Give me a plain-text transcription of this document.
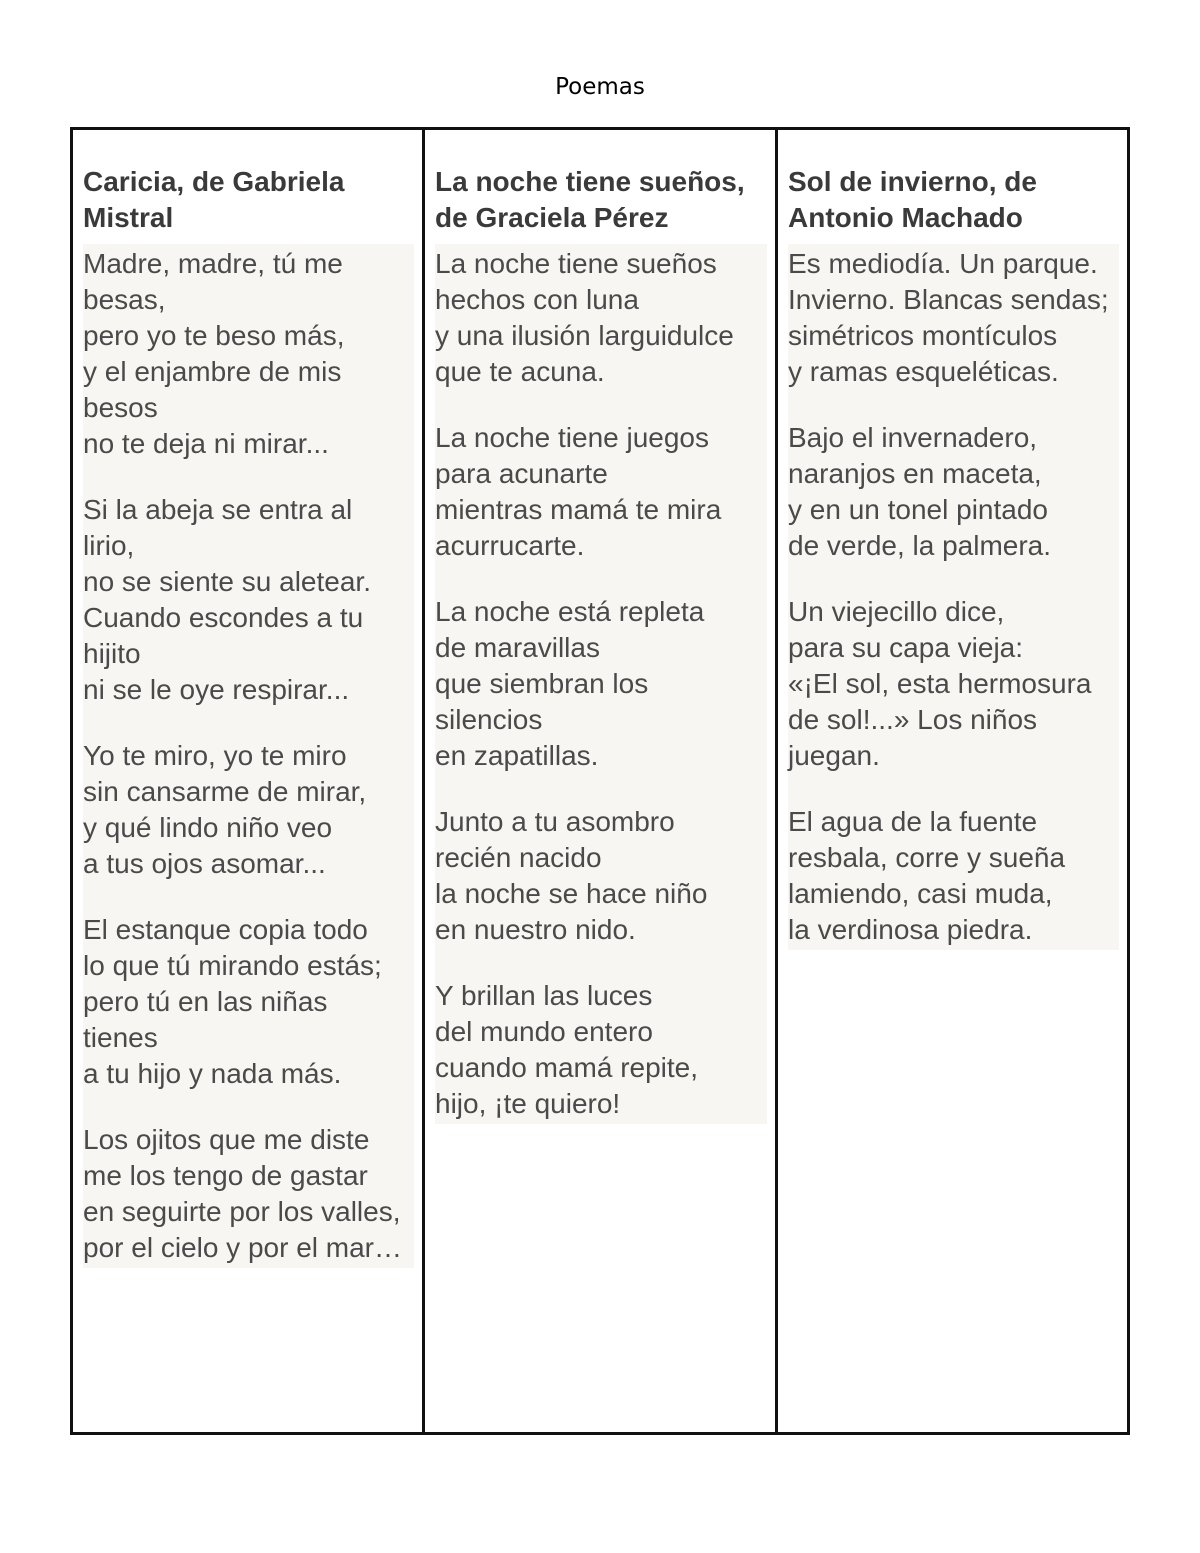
Poemas
Caricia, de Gabriela Mistral
Madre, madre, tú me besas,
pero yo te beso más,
y el enjambre de mis besos
no te deja ni mirar...
Si la abeja se entra al lirio,
no se siente su aletear.
Cuando escondes a tu hijito
ni se le oye respirar...
Yo te miro, yo te miro
sin cansarme de mirar,
y qué lindo niño veo
a tus ojos asomar...
El estanque copia todo
lo que tú mirando estás;
pero tú en las niñas tienes
a tu hijo y nada más.
Los ojitos que me diste
me los tengo de gastar
en seguirte por los valles,
por el cielo y por el mar…
La noche tiene sueños, de Graciela Pérez
La noche tiene sueños
hechos con luna
y una ilusión larguidulce
que te acuna.
La noche tiene juegos
para acunarte
mientras mamá te mira
acurrucarte.
La noche está repleta
de maravillas
que siembran los silencios
en zapatillas.
Junto a tu asombro
recién nacido
la noche se hace niño
en nuestro nido.
Y brillan las luces
del mundo entero
cuando mamá repite,
hijo, ¡te quiero!
Sol de invierno, de Antonio Machado
Es mediodía. Un parque.
Invierno. Blancas sendas;
simétricos montículos
y ramas esqueléticas.
Bajo el invernadero,
naranjos en maceta,
y en un tonel pintado
de verde, la palmera.
Un viejecillo dice,
para su capa vieja:
«¡El sol, esta hermosura
de sol!...» Los niños juegan.
El agua de la fuente
resbala, corre y sueña
lamiendo, casi muda,
la verdinosa piedra.
